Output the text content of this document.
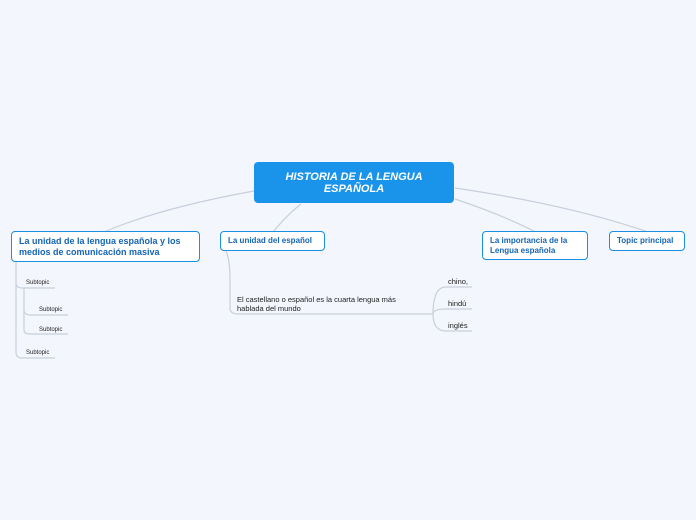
HISTORIA DE LA LENGUA ESPAÑOLA
La unidad de la lengua española y los medios de comunicación masiva
La unidad del español	La importancia de la Lengua española
Topic principal
Subtopic
Subtopic
Subtopic
Subtopic
El castellano o español es la cuarta lengua más hablada del mundo
chino,
hindú
inglés
